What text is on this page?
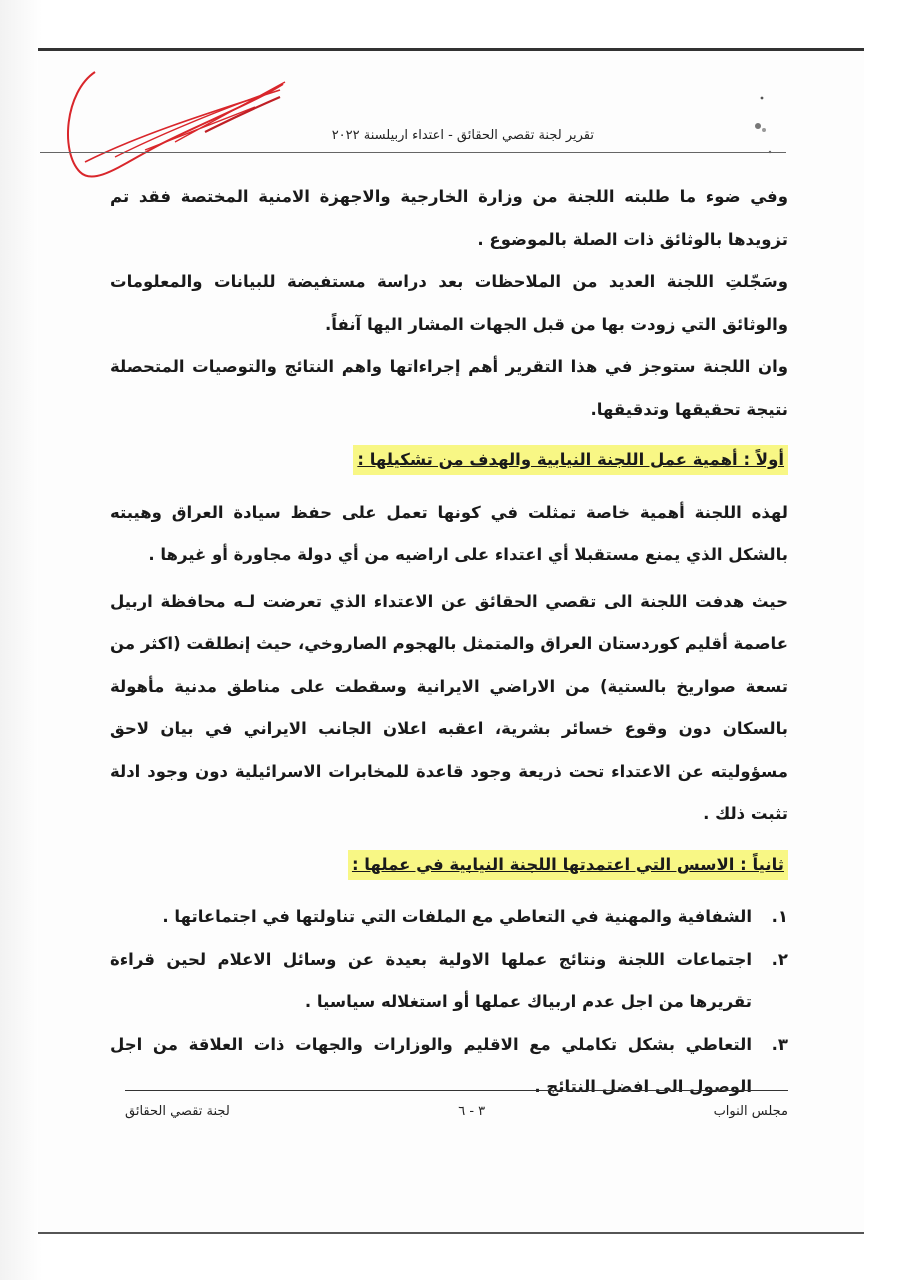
تقرير لجنة تقصي الحقائق - اعتداء اربيلسنة ٢٠٢٢

وفي ضوء ما طلبته اللجنة من وزارة الخارجية والاجهزة الامنية المختصة فقد تم تزويدها بالوثائق ذات الصلة بالموضوع .

وسَجّلتِ اللجنة العديد من الملاحظات بعد دراسة مستفيضة للبيانات والمعلومات والوثائق التي زودت بها من قبل الجهات المشار اليها آنفاً.

وان اللجنة ستوجز في هذا التقرير أهم إجراءاتها واهم النتائج والتوصيات المتحصلة نتيجة تحقيقها وتدقيقها.

أولاً : أهمية عمل اللجنة النيابية والهدف من تشكيلها :

لهذه اللجنة أهمية خاصة تمثلت في كونها تعمل على حفظ سيادة العراق وهيبته بالشكل الذي يمنع مستقبلا أي اعتداء على اراضيه من أي دولة مجاورة أو غيرها .

حيث هدفت اللجنة الى تقصي الحقائق عن الاعتداء الذي تعرضت لـه محافظة اربيل عاصمة أقليم كوردستان العراق والمتمثل بالهجوم الصاروخي، حيث إنطلقت (اكثر من تسعة صواريخ بالستية) من الاراضي الايرانية وسقطت على مناطق مدنية مأهولة بالسكان دون وقوع خسائر بشرية، اعقبه اعلان الجانب الايراني في بيان لاحق مسؤوليته عن الاعتداء تحت ذريعة وجود قاعدة للمخابرات الاسرائيلية دون وجود ادلة تثبت ذلك .

ثانياً : الاسس التي اعتمدتها اللجنة النيابية في عملها :

١.
الشفافية والمهنية في التعاطي مع الملفات التي تناولتها في اجتماعاتها .
٢.
اجتماعات اللجنة ونتائج عملها الاولية بعيدة عن وسائل الاعلام لحين قراءة تقريرها من اجل عدم اربياك عملها أو استغلاله سياسيا .
٣.
التعاطي بشكل تكاملي مع الاقليم والوزارات والجهات ذات العلاقة من اجل الوصول الى افضل النتائج .
مجلس النواب
٣ - ٦
لجنة تقصي الحقائق
